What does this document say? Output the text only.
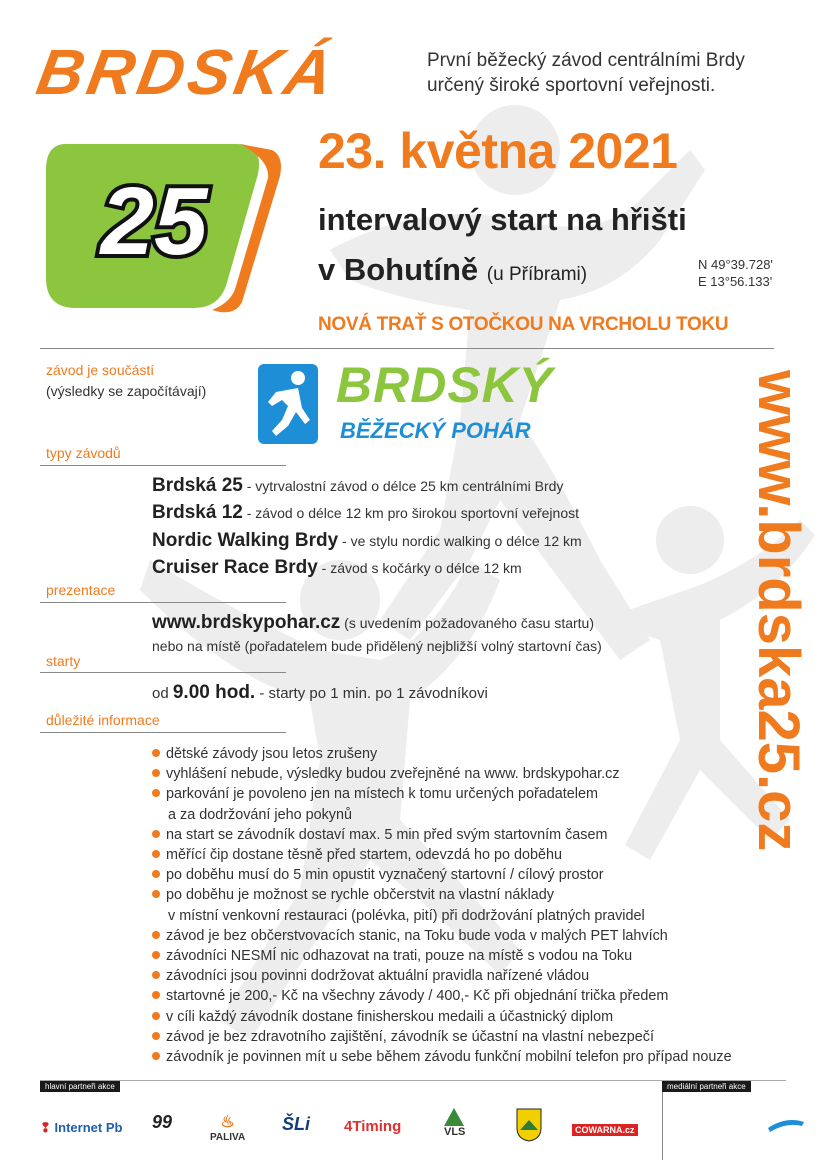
BRDSKÁ
25
První běžecký závod centrálními Brdy
určený široké sportovní veřejnosti.
23. května 2021
intervalový start na hřišti
v Bohutíně (u Příbrami)	N 49°39.728'
E 13°56.133'
NOVÁ TRAŤ S OTOČKOU NA VRCHOLU TOKU
závod je součástí
(výsledky se započítávají)	BRDSKÝ
BĚŽECKÝ POHÁR
typy závodů
Brdská 25 - vytrvalostní závod o délce 25 km centrálními Brdy
Brdská 12 - závod o délce 12 km pro širokou sportovní veřejnost
Nordic Walking Brdy - ve stylu nordic walking o délce 12 km
Cruiser Race Brdy - závod s kočárky o délce 12 km
prezentace
www.brdskypohar.cz (s uvedením požadovaného času startu)
nebo na místě (pořadatelem bude přidělený nejbližší volný startovní čas)
starty
od 9.00 hod. - starty po 1 min. po 1 závodníkovi
důležité informace
dětské závody jsou letos zrušeny
vyhlášení nebude, výsledky budou zveřejněné na www. brdskypohar.cz
parkování je povoleno jen na místech k tomu určených pořadatelem
a za dodržování jeho pokynů
na start se závodník dostaví max. 5 min před svým startovním časem
měřící čip dostane těsně před startem, odevzdá ho po doběhu
po doběhu musí do 5 min opustit vyznačený startovní / cílový prostor
po doběhu je možnost se rychle občerstvit na vlastní náklady
v místní venkovní restauraci (polévka, pití) při dodržování platných pravidel
závod je bez občerstvovacích stanic, na Toku bude voda v malých PET lahvích
závodníci NESMÍ nic odhazovat na trati, pouze na místě s vodou na Toku
závodníci jsou povinni dodržovat aktuální pravidla nařízené vládou
startovné je 200,- Kč na všechny závody / 400,- Kč při objednání trička předem
v cíli každý závodník dostane finisherskou medaili a účastnický diplom
závod je bez zdravotního zajištění, závodník se účastní na vlastní nebezpečí
závodník je povinnen mít u sebe během závodu funkční mobilní telefon pro případ nouze
www.brdska25.cz
hlavní partneři akce	mediální partneři akce
❢ Internet Pb 99	♨
PALIVA
ŠLi 4Timing	VLS	COWARNA.cz
